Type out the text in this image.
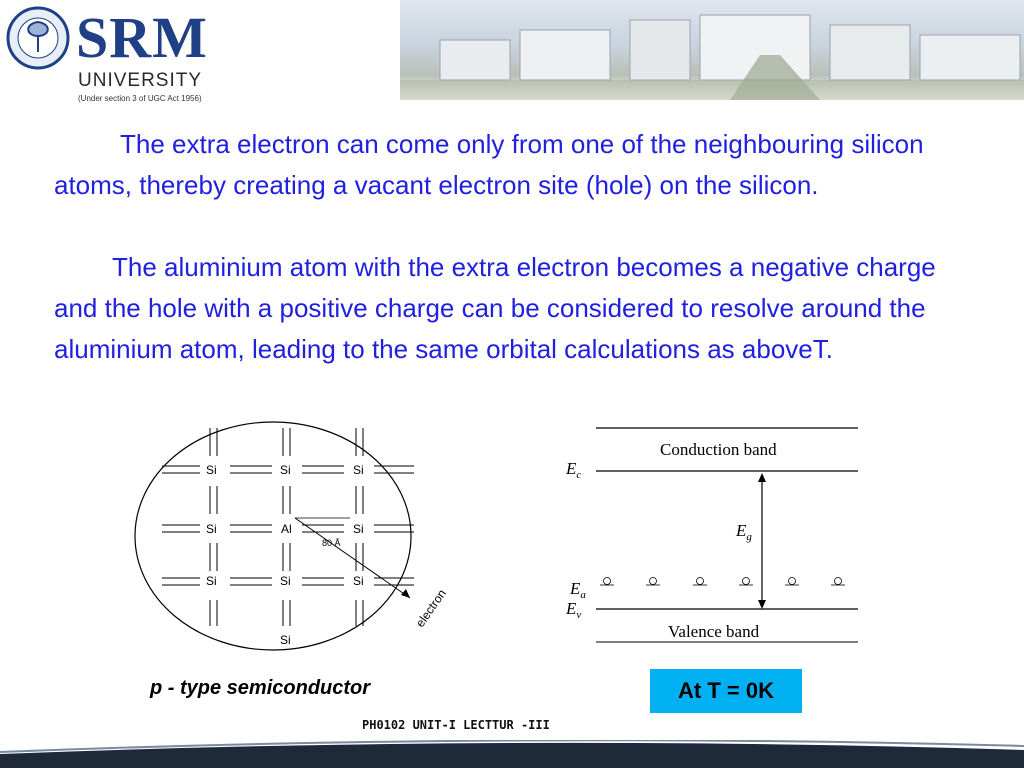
SRM
UNIVERSITY
(Under section 3 of UGC Act 1956)

The extra electron can come only from one of the neighbouring silicon atoms, thereby creating a vacant electron site (hole) on the silicon.

The aluminium atom with the extra electron becomes a negative charge and the hole with a positive charge can be considered to resolve around the aluminium atom, leading to the same orbital calculations as aboveT.

Si	Si	Si
Si	Al	Si
Si	Si	Si
Si
80 Å
electron
p - type semiconductor
Conduction band
Valence band
$E_c$
$E_g$
$E_a$
$E_v$
At T = 0K
PH0102 UNIT-I LECTTUR -III
